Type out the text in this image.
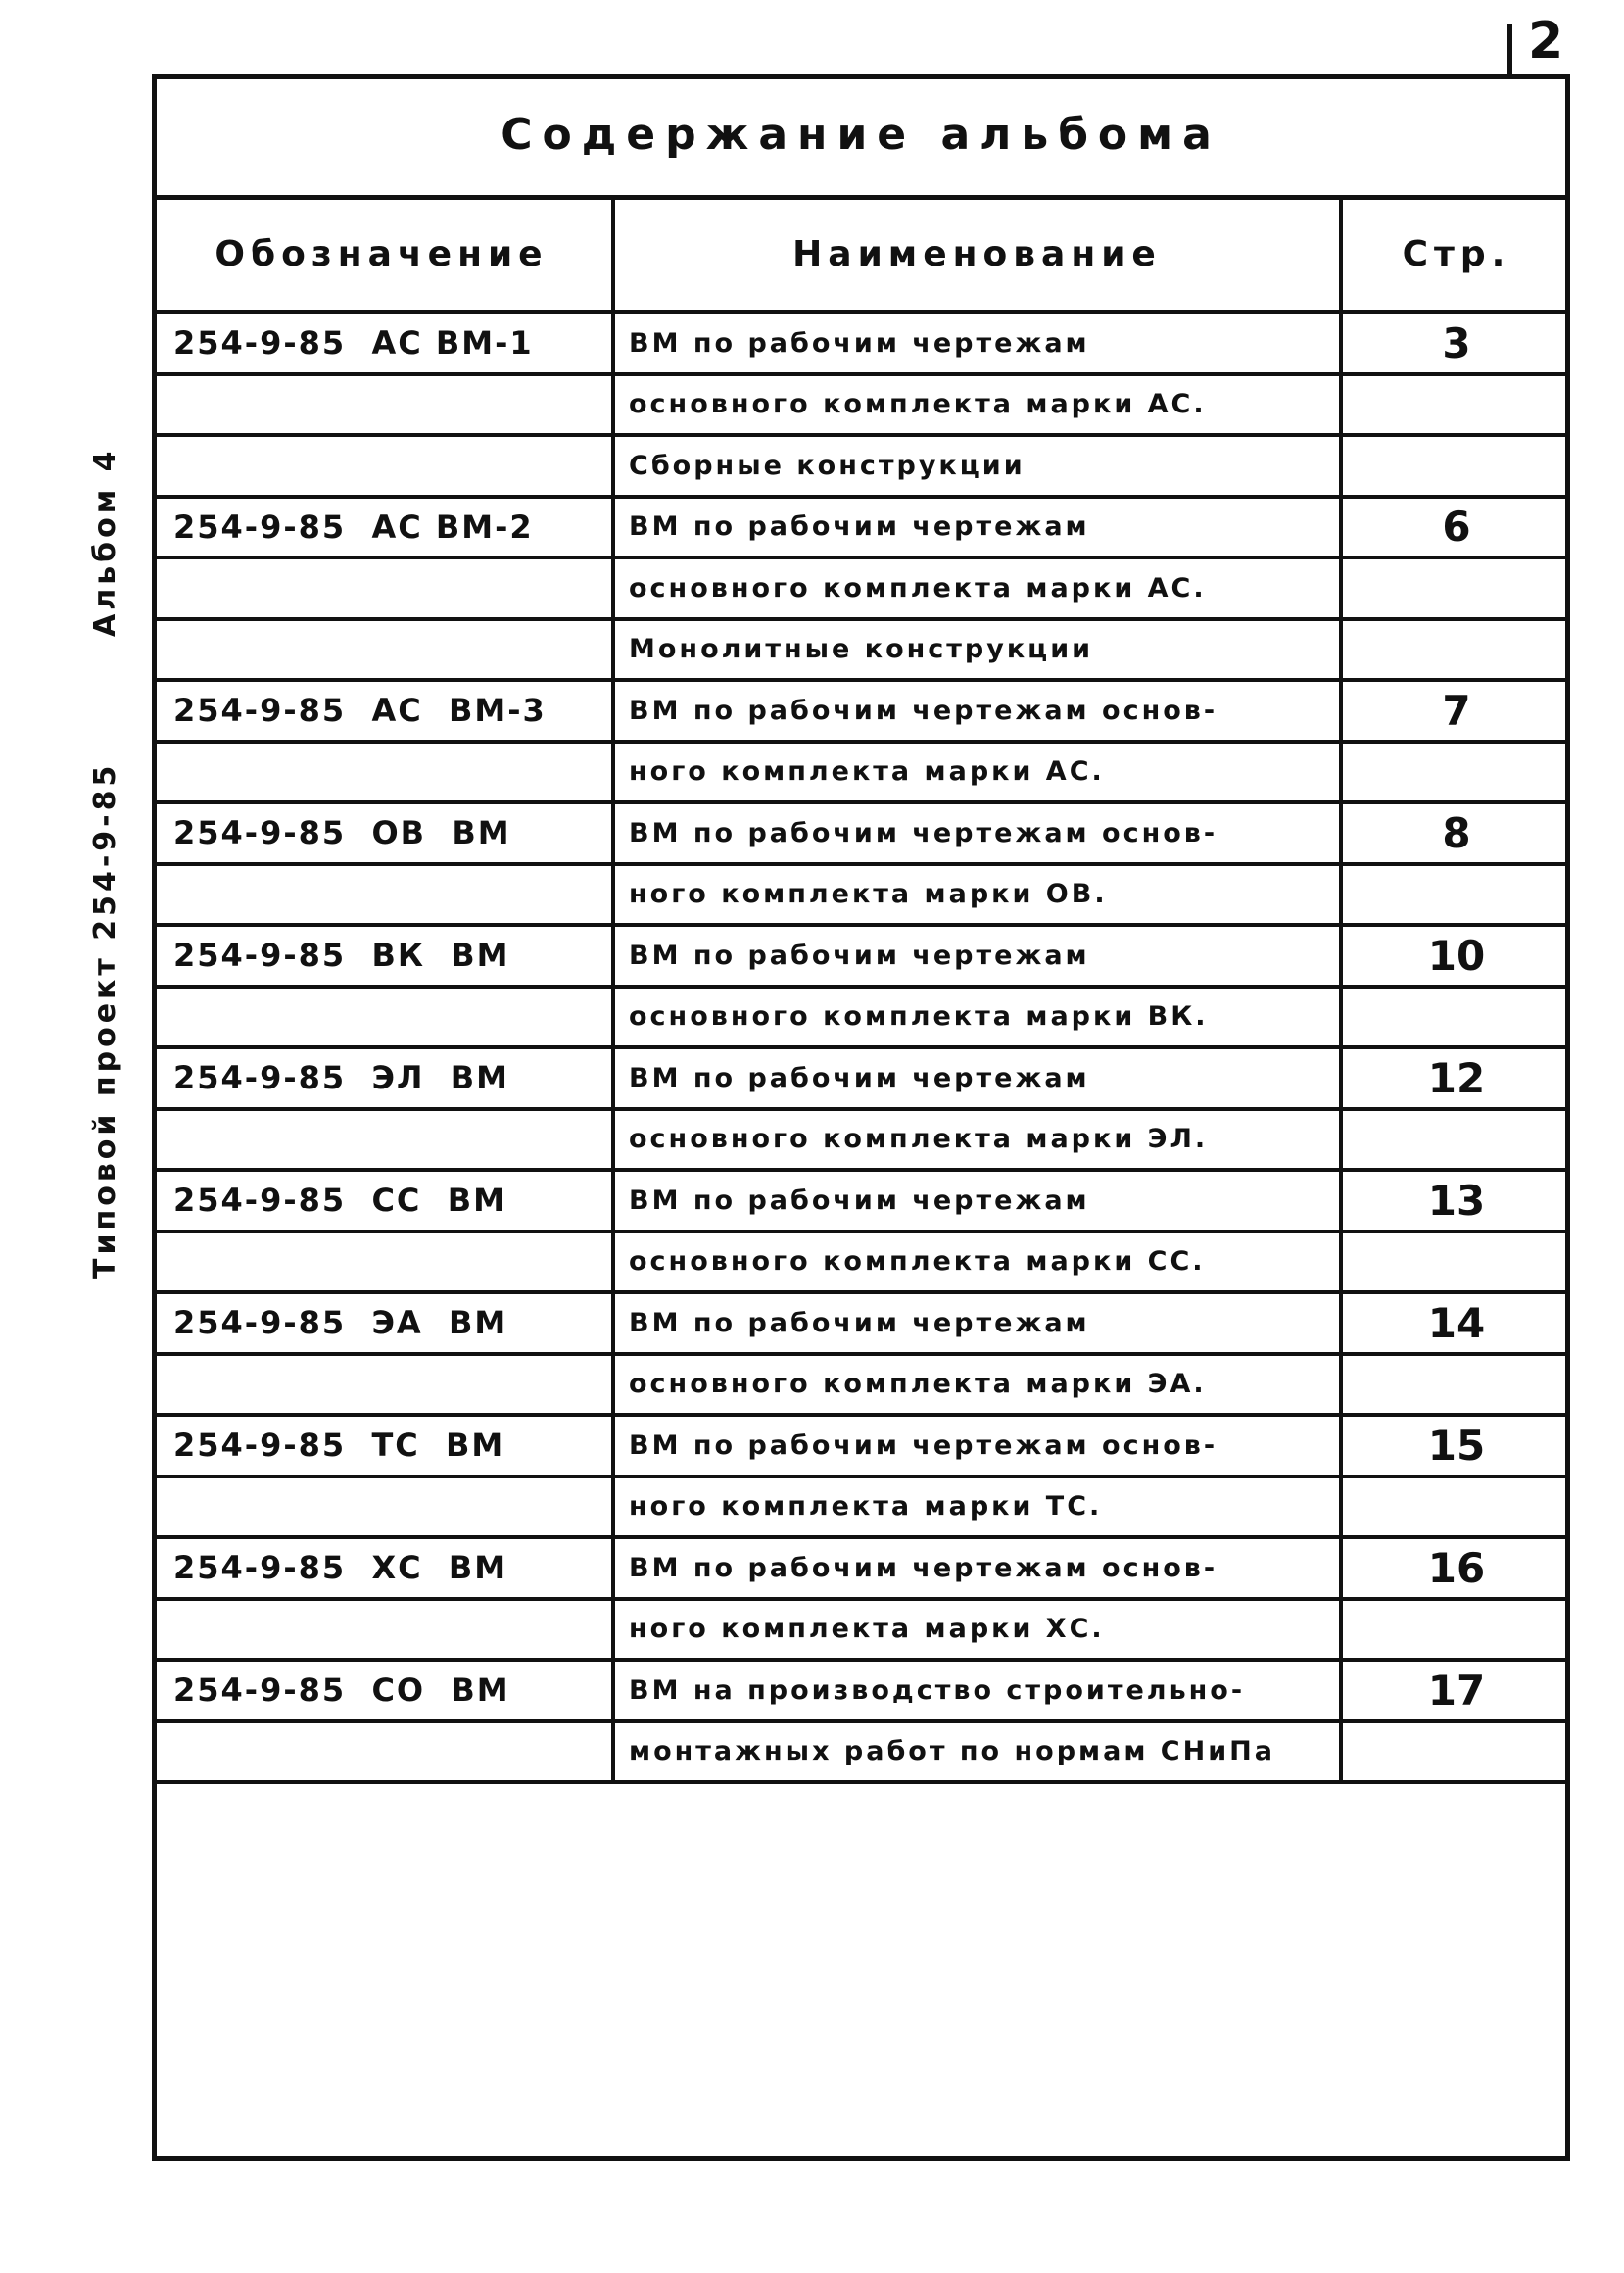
2
Типовой проект 254-9-85
Альбом 4
Содержание альбома
Обозначение	Наименование	Стр.
254-9-85  АС ВМ-1	ВМ по рабочим чертежам	3
основного комплекта марки АС.
Сборные конструкции
254-9-85  АС ВМ-2	ВМ по рабочим чертежам	6
основного комплекта марки АС.
Монолитные конструкции
254-9-85  АС  ВМ-3	ВМ по рабочим чертежам основ-	7
ного комплекта марки АС.
254-9-85  ОВ  ВМ	ВМ по рабочим чертежам основ-	8
ного комплекта марки ОВ.
254-9-85  ВК  ВМ	ВМ по рабочим чертежам	10
основного комплекта марки ВК.
254-9-85  ЭЛ  ВМ	ВМ по рабочим чертежам	12
основного комплекта марки ЭЛ.
254-9-85  СС  ВМ	ВМ по рабочим чертежам	13
основного комплекта марки СС.
254-9-85  ЭА  ВМ	ВМ по рабочим чертежам	14
основного комплекта марки ЭА.
254-9-85  ТС  ВМ	ВМ по рабочим чертежам основ-	15
ного комплекта марки ТС.
254-9-85  ХС  ВМ	ВМ по рабочим чертежам основ-	16
ного комплекта марки ХС.
254-9-85  СО  ВМ	ВМ на производство строительно-	17
монтажных работ по нормам СНиПа
